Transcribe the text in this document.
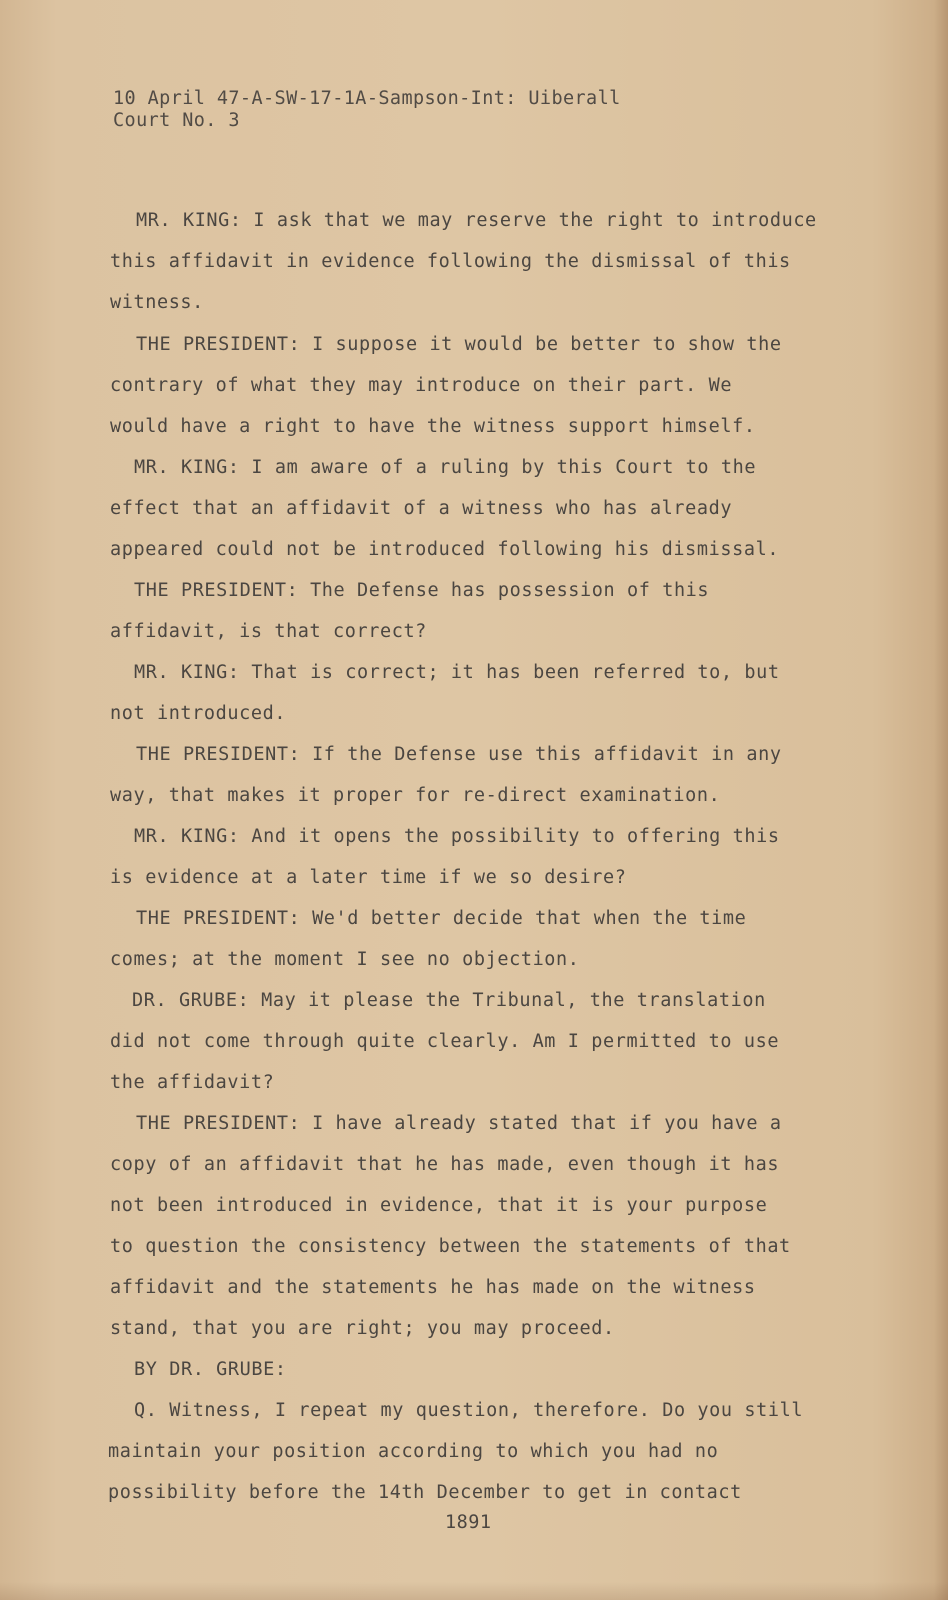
10 April 47-A-SW-17-1A-Sampson-Int: Uiberall
Court No. 3
MR. KING: I ask that we may reserve the right to introduce
this affidavit in evidence following the dismissal of this
witness.
THE PRESIDENT: I suppose it would be better to show the
contrary of what they may introduce on their part. We
would have a right to have the witness support himself.
MR. KING: I am aware of a ruling by this Court to the
effect that an affidavit of a witness who has already
appeared could not be introduced following his dismissal.
THE PRESIDENT: The Defense has possession of this
affidavit, is that correct?
MR. KING: That is correct; it has been referred to, but
not introduced.
THE PRESIDENT: If the Defense use this affidavit in any
way, that makes it proper for re-direct examination.
MR. KING: And it opens the possibility to offering this
is evidence at a later time if we so desire?
THE PRESIDENT: We'd better decide that when the time
comes; at the moment I see no objection.
DR. GRUBE: May it please the Tribunal, the translation
did not come through quite clearly. Am I permitted to use
the affidavit?
THE PRESIDENT: I have already stated that if you have a
copy of an affidavit that he has made, even though it has
not been introduced in evidence, that it is your purpose
to question the consistency between the statements of that
affidavit and the statements he has made on the witness
stand, that you are right; you may proceed.
BY DR. GRUBE:
Q. Witness, I repeat my question, therefore. Do you still
maintain your position according to which you had no
possibility before the 14th December to get in contact
1891
